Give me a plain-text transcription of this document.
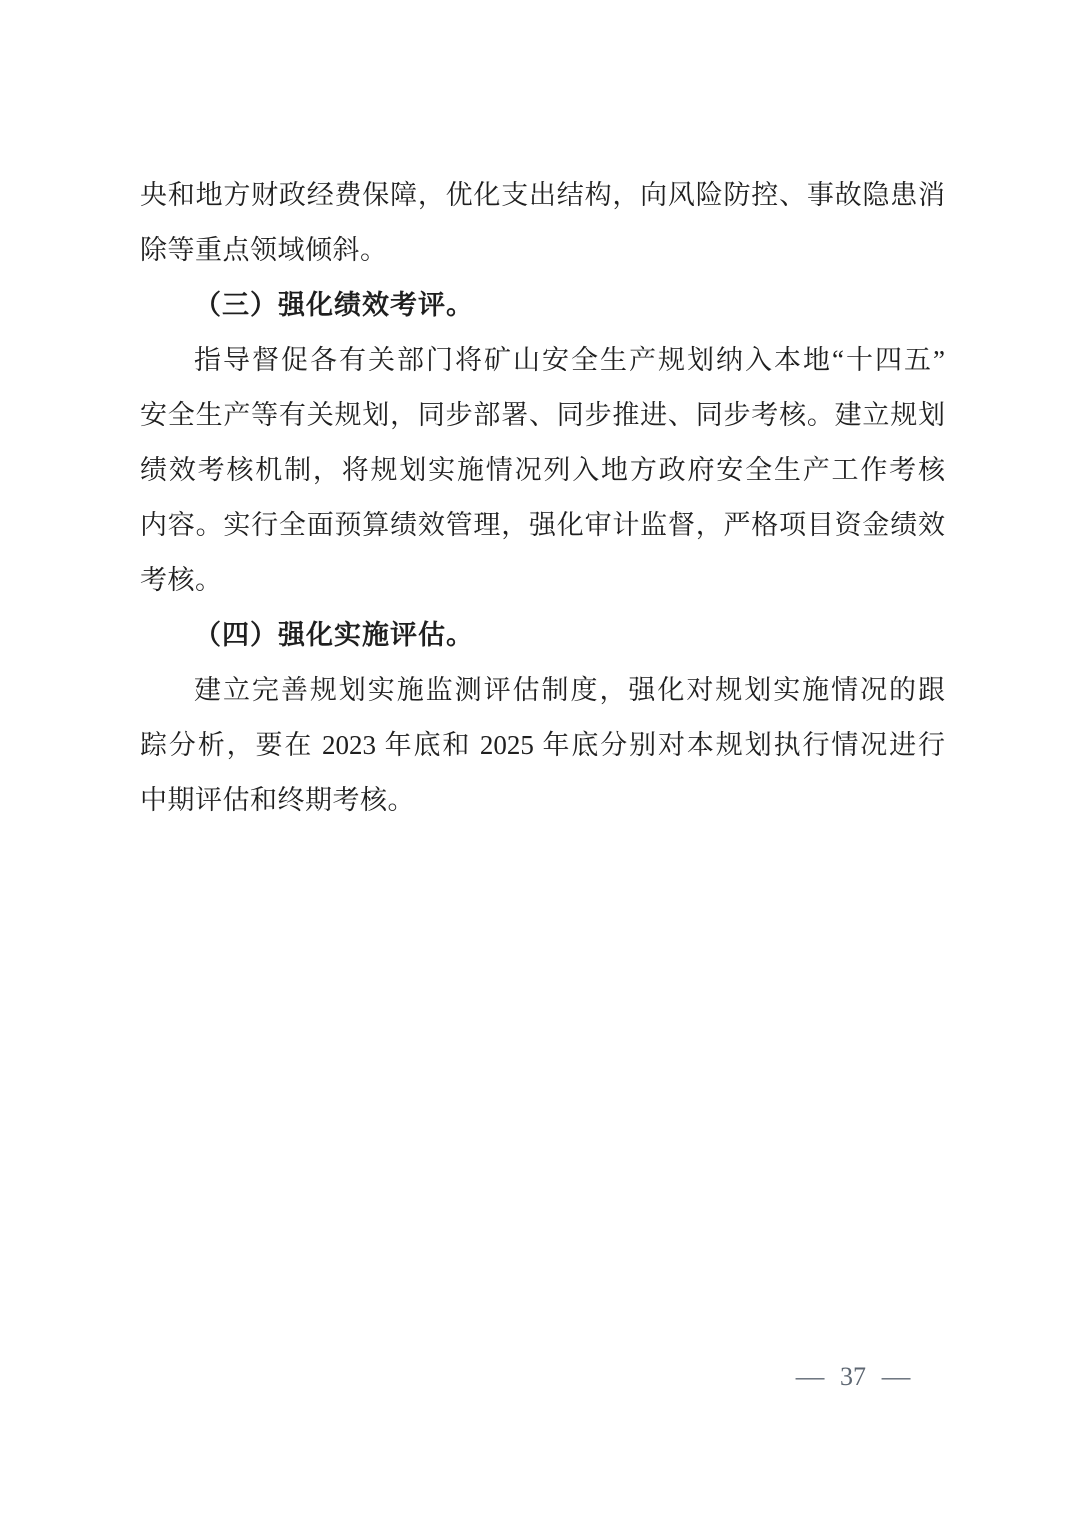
央和地方财政经费保障，优化支出结构，向风险防控、事故隐患消

除等重点领域倾斜。

（三）强化绩效考评。

指导督促各有关部门将矿山安全生产规划纳入本地“十四五”

安全生产等有关规划，同步部署、同步推进、同步考核。建立规划

绩效考核机制，将规划实施情况列入地方政府安全生产工作考核

内容。实行全面预算绩效管理，强化审计监督，严格项目资金绩效

考核。

（四）强化实施评估。

建立完善规划实施监测评估制度，强化对规划实施情况的跟

踪分析，要在 2023 年底和 2025 年底分别对本规划执行情况进行

中期评估和终期考核。

— 37 —
